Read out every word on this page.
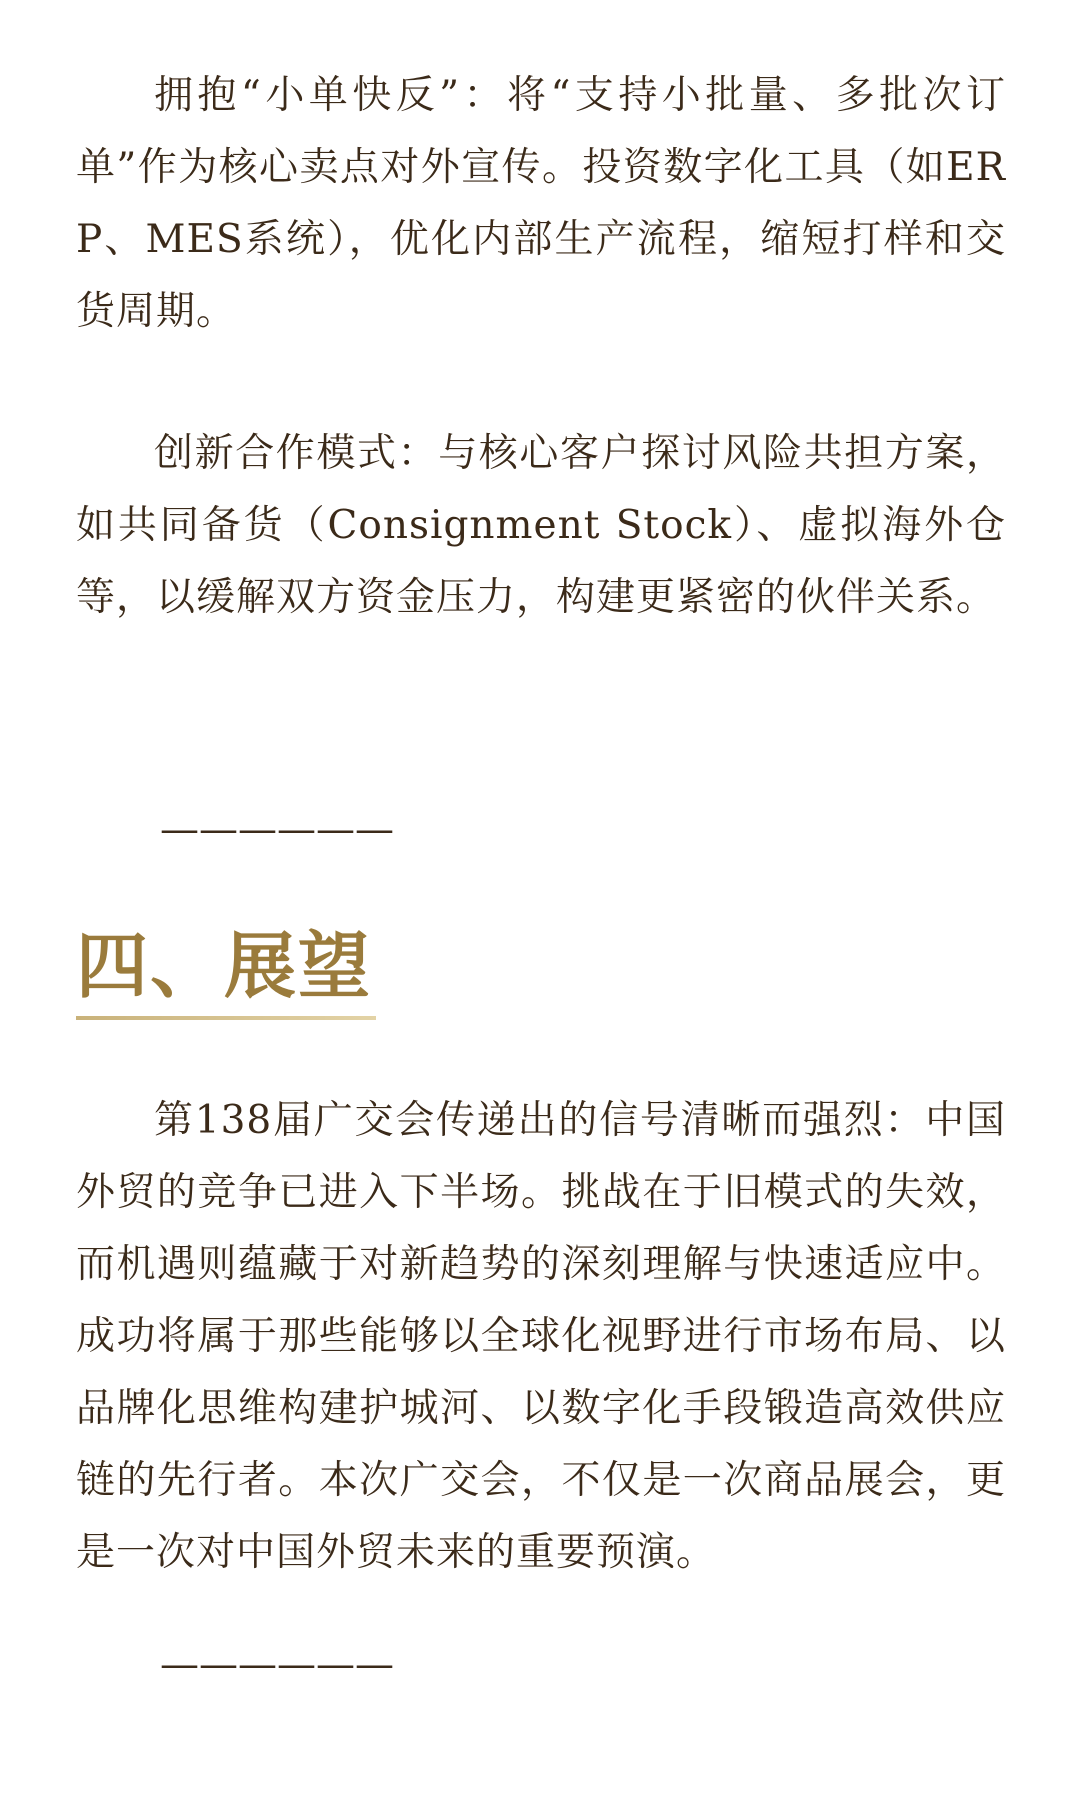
拥抱“小单快反”：将“支持小批量、多批次订单”作为核心卖点对外宣传。投资数字化工具（如ERP、MES系统），优化内部生产流程，缩短打样和交货周期。

创新合作模式：与核心客户探讨风险共担方案，如共同备货（Consignment Stock）、虚拟海外仓等，以缓解双方资金压力，构建更紧密的伙伴关系。

——————
四、展望

第138届广交会传递出的信号清晰而强烈：中国外贸的竞争已进入下半场。挑战在于旧模式的失效，而机遇则蕴藏于对新趋势的深刻理解与快速适应中。成功将属于那些能够以全球化视野进行市场布局、以品牌化思维构建护城河、以数字化手段锻造高效供应链的先行者。本次广交会，不仅是一次商品展会，更是一次对中国外贸未来的重要预演。

——————
